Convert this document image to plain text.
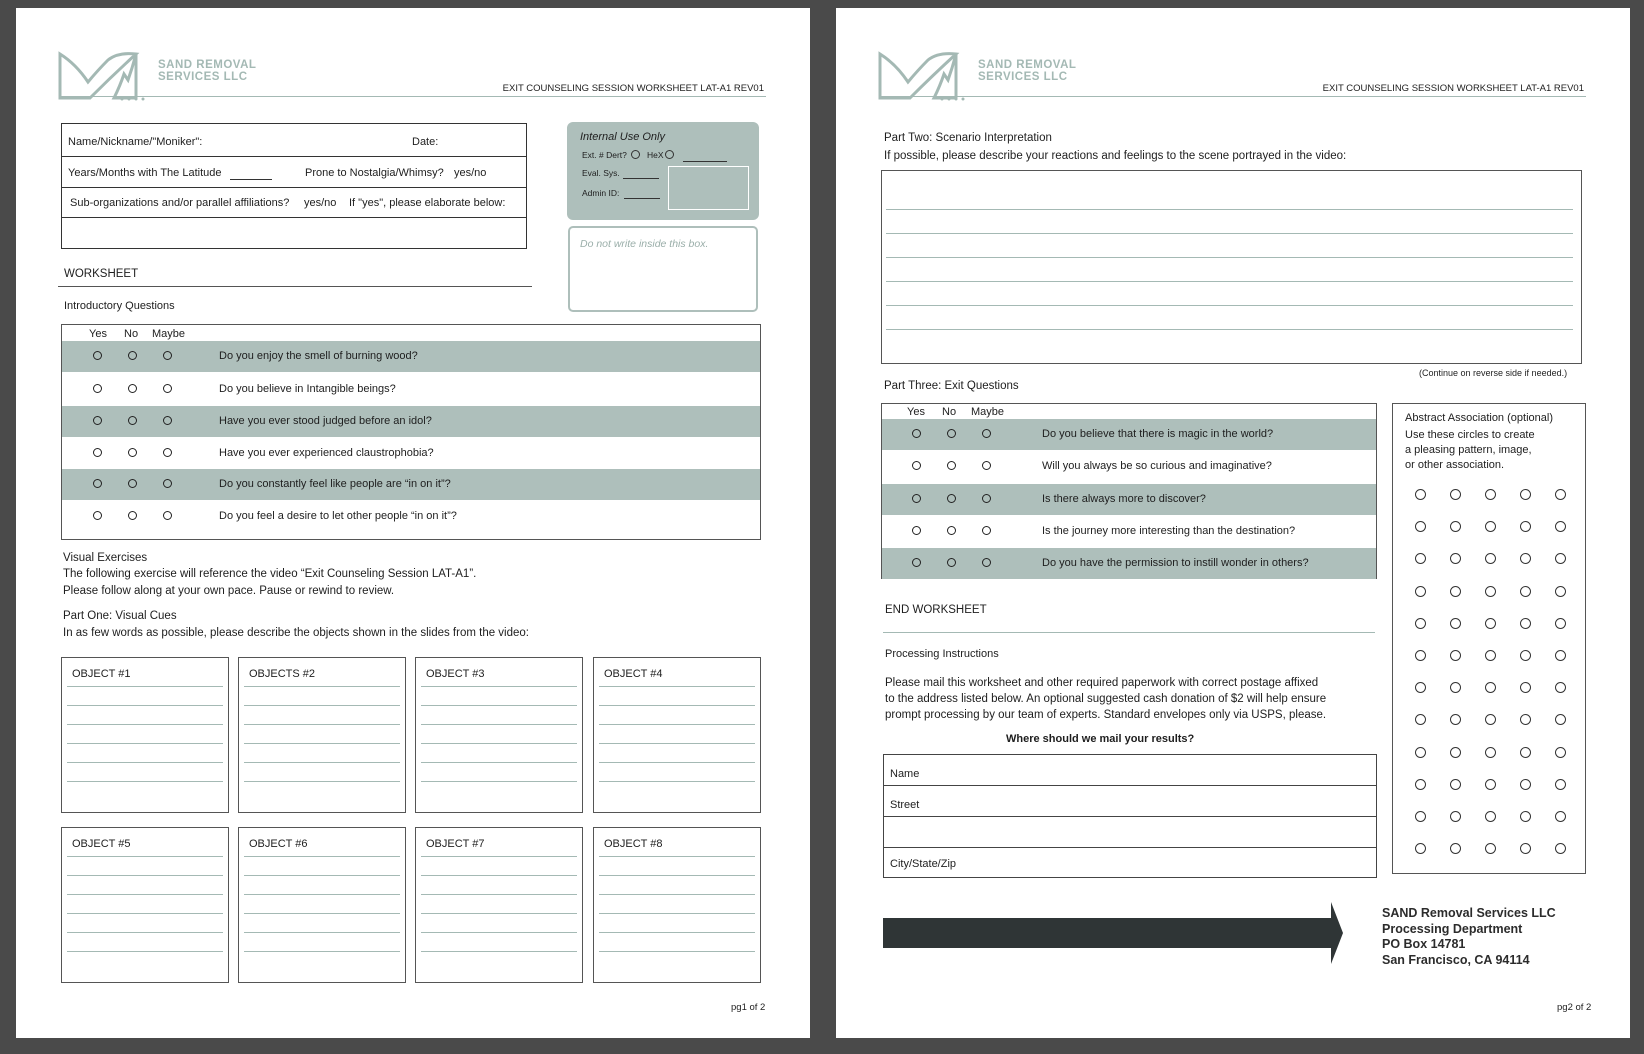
SAND REMOVAL
SERVICES LLC
EXIT COUNSELING SESSION WORKSHEET LAT-A1 REV01
Name/Nickname/"Moniker":	Date:
Years/Months with The Latitude	Prone to Nostalgia/Whimsy? yes/no
Sub-organizations and/or parallel affiliations? yes/no If "yes", please elaborate below:
Internal Use Only
Ext. # Dert? HeX
Eval. Sys.
Admin ID:
Do not write inside this box.
WORKSHEET
Introductory Questions
Yes No Maybe
Do you enjoy the smell of burning wood?
Do you believe in Intangible beings?
Have you ever stood judged before an idol?
Have you ever experienced claustrophobia?
Do you constantly feel like people are “in on it”?
Do you feel a desire to let other people “in on it”?
Visual Exercises
The following exercise will reference the video “Exit Counseling Session LAT-A1”.
Please follow along at your own pace. Pause or rewind to review.
Part One: Visual Cues
In as few words as possible, please describe the objects shown in the slides from the video:
OBJECT #1	OBJECTS #2	OBJECT #3	OBJECT #4
OBJECT #5	OBJECT #6	OBJECT #7	OBJECT #8
pg1 of 2
SAND REMOVAL
SERVICES LLC
EXIT COUNSELING SESSION WORKSHEET LAT-A1 REV01
Part Two: Scenario Interpretation
If possible, please describe your reactions and feelings to the scene portrayed in the video:
(Continue on reverse side if needed.)
Part Three: Exit Questions
Yes No Maybe
Do you believe that there is magic in the world?
Will you always be so curious and imaginative?
Is there always more to discover?
Is the journey more interesting than the destination?
Do you have the permission to instill wonder in others?
Abstract Association (optional)
Use these circles to create
a pleasing pattern, image,
or other association.
END WORKSHEET
Processing Instructions
Please mail this worksheet and other required paperwork with correct postage affixed
to the address listed below. An optional suggested cash donation of $2 will help ensure
prompt processing by our team of experts. Standard envelopes only via USPS, please.
Where should we mail your results?
Name
Street
City/State/Zip
SAND Removal Services LLC
Processing Department
PO Box 14781
San Francisco, CA 94114
pg2 of 2
